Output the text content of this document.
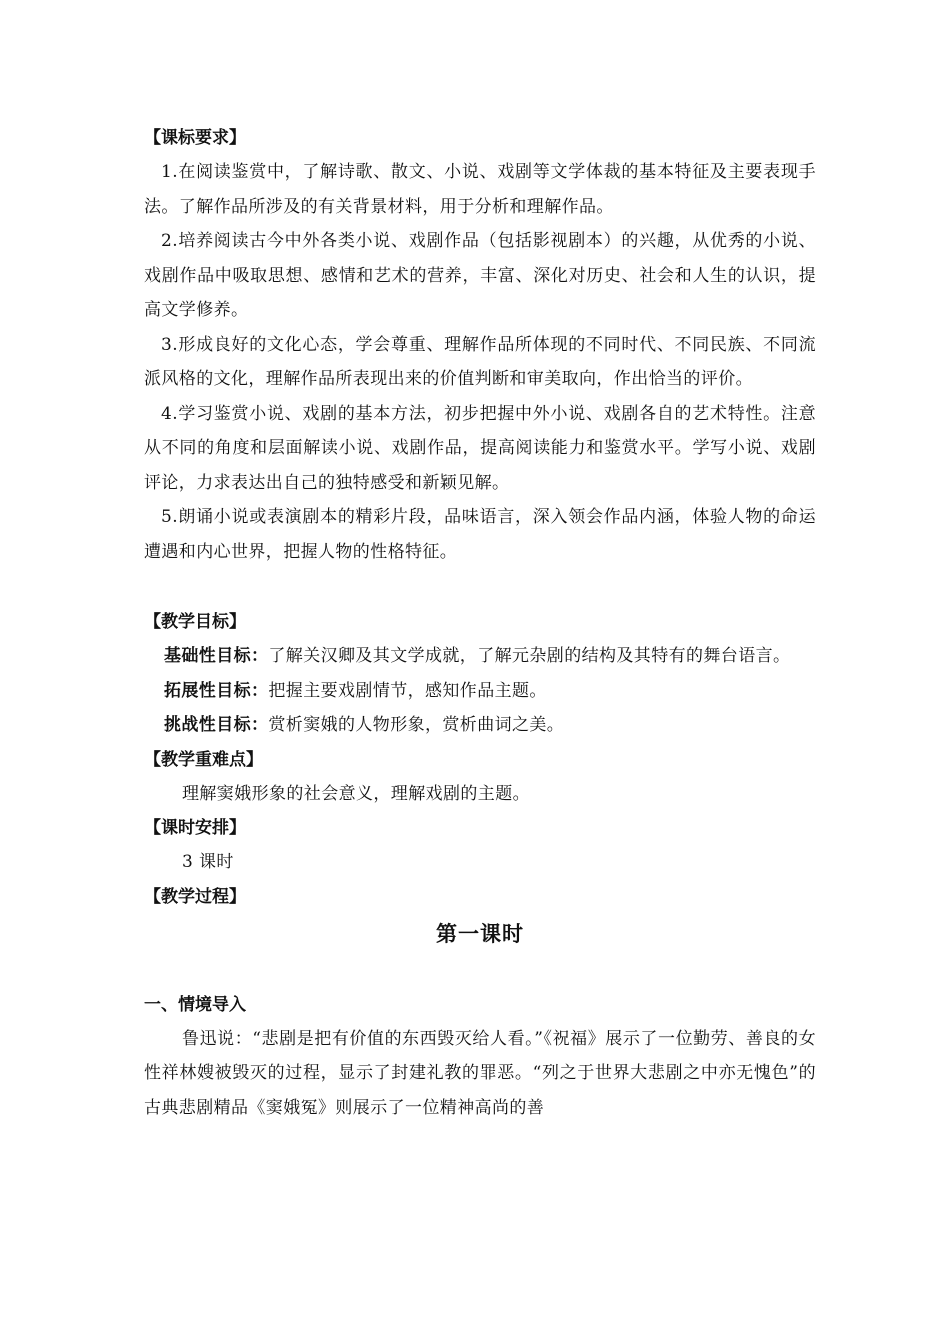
【课标要求】

1.在阅读鉴赏中，了解诗歌、散文、小说、戏剧等文学体裁的基本特征及主要表现手法。了解作品所涉及的有关背景材料，用于分析和理解作品。

2.培养阅读古今中外各类小说、戏剧作品（包括影视剧本）的兴趣，从优秀的小说、戏剧作品中吸取思想、感情和艺术的营养，丰富、深化对历史、社会和人生的认识，提高文学修养。

3.形成良好的文化心态，学会尊重、理解作品所体现的不同时代、不同民族、不同流派风格的文化，理解作品所表现出来的价值判断和审美取向，作出恰当的评价。

4.学习鉴赏小说、戏剧的基本方法，初步把握中外小说、戏剧各自的艺术特性。注意从不同的角度和层面解读小说、戏剧作品，提高阅读能力和鉴赏水平。学写小说、戏剧评论，力求表达出自己的独特感受和新颖见解。

5.朗诵小说或表演剧本的精彩片段，品味语言，深入领会作品内涵，体验人物的命运遭遇和内心世界，把握人物的性格特征。

【教学目标】

基础性目标：了解关汉卿及其文学成就，了解元杂剧的结构及其特有的舞台语言。

拓展性目标：把握主要戏剧情节，感知作品主题。

挑战性目标：赏析窦娥的人物形象，赏析曲词之美。

【教学重难点】

理解窦娥形象的社会意义，理解戏剧的主题。

【课时安排】

3 课时

【教学过程】

第一课时

一、情境导入

鲁迅说：“悲剧是把有价值的东西毁灭给人看。”《祝福》展示了一位勤劳、善良的女性祥林嫂被毁灭的过程，显示了封建礼教的罪恶。“列之于世界大悲剧之中亦无愧色”的古典悲剧精品《窦娥冤》则展示了一位精神高尚的善
